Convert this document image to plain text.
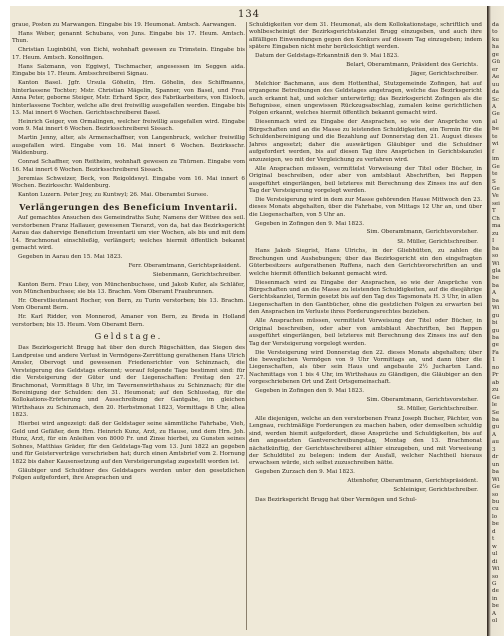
134

graue, Posten zu Marwangen. Eingabe bis 19. Heumonat. Amtsch. Aarwangen.

Hans Weber, genannt Schubans, von Juns. Eingabe bis 17. Heum. Amtsch. Thun.

Christian Luginbühl, von Eichi, wohnhaft gewesen zu Trimstein. Eingabe bis 17. Heum. Amtsch. Konolfingen.

Hans Salzmann, von Eggiwyl, Tischmacher, angesessen im Seggen aida. Eingabe bis 17. Heum. Amtsschreiberei Signau.

Kanton Basel. Jgfr. Ursula Göhelin, Hrn. Göhelin, des Schiffmanns, hinterlassene Tochter; Mstr. Christian Mägelin, Spanner, von Basel, und Frau Anna Peter, geborne Steiger, Mstr. Erhard Spcr, des Fabrikarbeiters, von Eisloch, hinterlassene Tochter, welche alle drei freiwillig ausgefallen werden. Eingabe bis 13. Mai innert 6 Wochen. Gerichtsschreiberei Basel.

Heinrich Geiger, von Ormalingen, welcher freiwillig ausgefallen wird. Eingabe vom 9. Mai innert 6 Wochen. Bezirksschreiberei Sissach.

Martin Jenny, alter, als Armenschaffner, von Langenbruck, welcher freiwillig ausgefallen wird. Eingabe vom 16. Mai innert 6 Wochen. Bezirksschr. Waldenburg.

Conrad Schaffner, von Reitheim, wohnhaft gewesen zu Thürnen. Eingabe vom 16. Mai innert 6 Wochen. Bezirksschreiberei Sissach.

Jeremias Schweizer, Beck, von Reigoldswyl. Eingabe vom 16. Mai innert 6 Wochen. Bezirksschr. Waldenburg.

Kanton Luzern. Peter Jrey, zu Kuntwyl; 26. Mai. Oberamtei Sursee.

Verlängerungen des Beneficium Inventarii.

Auf gemachtes Ansuchen des Gemeindraths Suhr, Namens der Wittwe des seil. verstorbenen Franz Hallauer, gewesenen Tierarzt, von da, hat das Bezirksgericht Aarau das dahervige Beneficium Inventarii um vier Wochen, als bis und mit dem 14. Brachmonat einschließig, verlängert; welches hiermit öffentlich bekannt gemacht wird.

Gegeben in Aarau den 15. Mai 1823.

Ferr. Oberamtmann, Gerichtspräsident.

Siebenmann, Gerichtschreiber.

Kanton Bern. Frau Lüey, von Münchenbuchsee, und Jakob Kufer, als Schläfer, von Münchenbuchsee; sie bis 13. Brachm. Vom Oberamt Fraubrunnen.

Hr. Oberstlieutenant Rocher, von Bern, zu Turin verstorben; bis 13. Brachm. Vom Oberamt Bern.

Hr. Karl Ridder, von Monnerod, Amaner von Bern, zu Breda in Holland verstorben; bis 15. Heum. Vom Oberamt Bern.

Geldstage.

Das Bezirksgericht Brugg hat über den durch Rügschätten, das Siegen des Landpreise und andere Verlust in Vermögens-Zerrüttung gerathenen Hans Ulrich Amsler, Obervogt und gewesenen Friedensrichter von Schinznach, die Versteigerung des Geldstags erkennt; worauf folgende Tage bestimmt sind: für die Versteigerung der Güter und der Liegenschaften: Freitag den 27. Brachmonat, Vormittags 8 Uhr, im Tavernenwirthshaus zu Schinznach; für die Bereinigung der Schulden: den 31. Heumonat; auf den Schlusstag, für die Kollokations-Erörterung und Ausschreibung der Gantgabe, im gleichen Wirthshaus zu Schinznach, den 20. Herbstmonat 1823, Vormittags 8 Uhr, allea 1823.

Hierbei wird angezeigt: daß der Geldstager seine sämmtliche Fahrhabe, Vieh, Geld und Gefäßer, dem Hrn. Heinrich Kunz, Arzt, zu Hause, und dem Hrn. Joh. Hunz, Arzt, für ein Anleihen von 8000 Fr. und Zinse hierbei, zu Gunsten seines Sohnes, Matthias Gräder, für den Geldstags-Tag vom 13. Juni 1822 an gegeben und für Geisterverträge verschrieben hat; durch einen Amtsbrief vom 2. Hornung 1822 bis daher Kausensetzung auf den Versteigerungstag zugestellt worden ist.

Gläubiger und Schuldner des Geldstagers werden unter den gesetzlichen Folgen aufgefordert, ihre Ansprachen und

Schuldigkeiten vor dem 31. Heumonat, als dem Kollokationstage, schriftlich und wohlbescheinigt der Bezirksgerichtskanzlei Brugg einzugeben, und auch ihre allfälligen Einwendungen gegen den Konkurs auf diesem Tag einzugeben; indem spätere Eingaben nicht mehr berücksichtigt werden.

Datum der Geldstags-Erkanntniß den 9. Mai 1823.

Belart, Oberamtmann, Präsident des Gerichts.

Jäger, Gerichtschreiber.

Melchior Bachmann, aus dem Hottenthal, Stutzgemeinde Zofingen, hat auf ergangene Betreibungen des Geldstages angetragen, welche das Bezirksgericht auch erkannt hat, und solcher unterwürfig; das Bezirksgericht Zofingen als die Befugnisse, einen ungewissen Rückzugsabschlag, zumalen keine gerichtlichen Folgen erkannt, welches hiermit öffentlich bekannt gemacht wird.

Diesenmach wird zu Eingabe der Ansprachen, so wie der Ansprüche von Bürgschaften und an die Masse zu leistenden Schuldigkeiten, ein Termin für die Schuldenbereinigung und die Bezahlung auf Donnerstag den 21. August dieses Jahres angesetzt; daher die auswärtigen Gläubiger und die Schuldner aufgefordert werden, bis auf diesen Tag ihre Ansprüchen in Gerichtskanzlei anzuzeigen, wo mit der Vergleichung zu verfahren wird.

Alle Ansprachen müssen, vermittelst Vorweisung der Titel oder Bücher, in Original beschreiben, oder aber von amtsblaut Abschriften, bei Reppen ausgeführt eingerlängen, beil letzteres mit Berechnung des Zinses ins auf den Tag der Versteigerung vorgelegt werden.

Die Versteigerung wird in dem zur Masse gehörenden Hause Mittwoch den 23. dieses Monats abgehalten, über die Fahrhabe, von Mittags 12 Uhr an, und über die Liegenschaften, von 5 Uhr an.

Gegeben in Zofingen den 9. Mai 1823.

Sim. Oberamtmann, Gerichtsvorsteher.

St. Müller, Gerichtschreiber.

Hans Jakob Siegrist, Hans Ulrichs, in der Gliebhütten, zu zahlen die Brechungen und Aushebungen; über das Bezirksgericht ein den eingefragten Güterbesitzers aufgerathenen Ruffens, nach den Gerichtsvorschriften an und welche hiermit öffentlich bekannt gemacht wird.

Diesenmach wird zu Eingabe der Ansprachen, so wie der Ansprüche von Bürgschaften und an die Masse zu leistenden Schuldigkeiten, auf die diesjährige Gerichtskanzlei, Termin gesetzt bis auf den Tag des Tagsmonats H. 3 Uhr, in allen Liegenschaften in den Gantbücher, ohne die gestzlichen Folgen zu erwarten bei den Ansprachen im Verluste ihres Forderungsrechtes beziehen.

Alle Ansprachen müssen, vermittelst Vorweisung der Titel oder Bücher, in Original beschreiben, oder aber von amtsblaut Abschriften, bei Reppen ausgeführt eingerlängen, beil letzteres mit Berechnung des Zinses ins auf den Tag der Versteigerung vorgelegt werden.

Die Versteigerung wird Donnerstag den 22. dieses Monats abgehalten; über die beweglichen Vermögen von 9 Uhr Vormittags an, und dann über die Liegenschaften, als über sein Haus und angebaute 2½ Jucharten Land. Nachmittags von 1 bis 4 Uhr, im Wirthshaus zu Gländigen, die Gläubiger an den vorgeschriebenen Ort und Zeit Ortsgemeinschaft.

Gegeben in Zofingen den 9. Mai 1823.

Sim. Oberamtmann, Gerichtsvorsteher.

St. Müller, Gerichtschreiber.

Alle diejenigen, welche an den verstorbenen Franz Joseph Bucher, Pächter, von Lengnau, rechtmäßige Forderungen zu machen haben, oder demselben schuldig sind, werden hiemit aufgefordert, diese Ansprüche und Schuldigkeiten, bis auf den angesetzten Gantverschreibungstag, Montag den 13. Brachmonat nächstkünftig, der Gerichtsschreiberei allhier einzugeben, und mit Vorweisung der Schuldtitel zu belegen: indem der Ausfall, welcher Nachtheil hieraus erwachsen würde, sich selbst zuzuschreiben hätte.

Gegeben Zurzach den 9. Mai 1823.

Attenhofer, Oberamtmann, Gerichtspräsident.

Schleiniger, Gerichtschreiber.

Das Bezirksgericht Brugg hat über Vermögen und Schul-

da
to
ku
ha
ge
Gü
er
Ae
uu
da
Sc
A
Ge
al
be
te
wi
f
im
Ge
te
S
Ge
Ve
sei
T
Ch
ma
zu
I
ba
so
Wi
gla
be
ba
A
ba
Wi
gu
bi
gu
ba
ge
Fa
1
no
Pr
ab
zu
Ge
le
Se
ba
gu
A
au
3
dr
un
ba
Wi
Ge
so
bu
cu
lo
be
d
t
w
ul
di
Wi
so
G
de
in
be
A
ol
